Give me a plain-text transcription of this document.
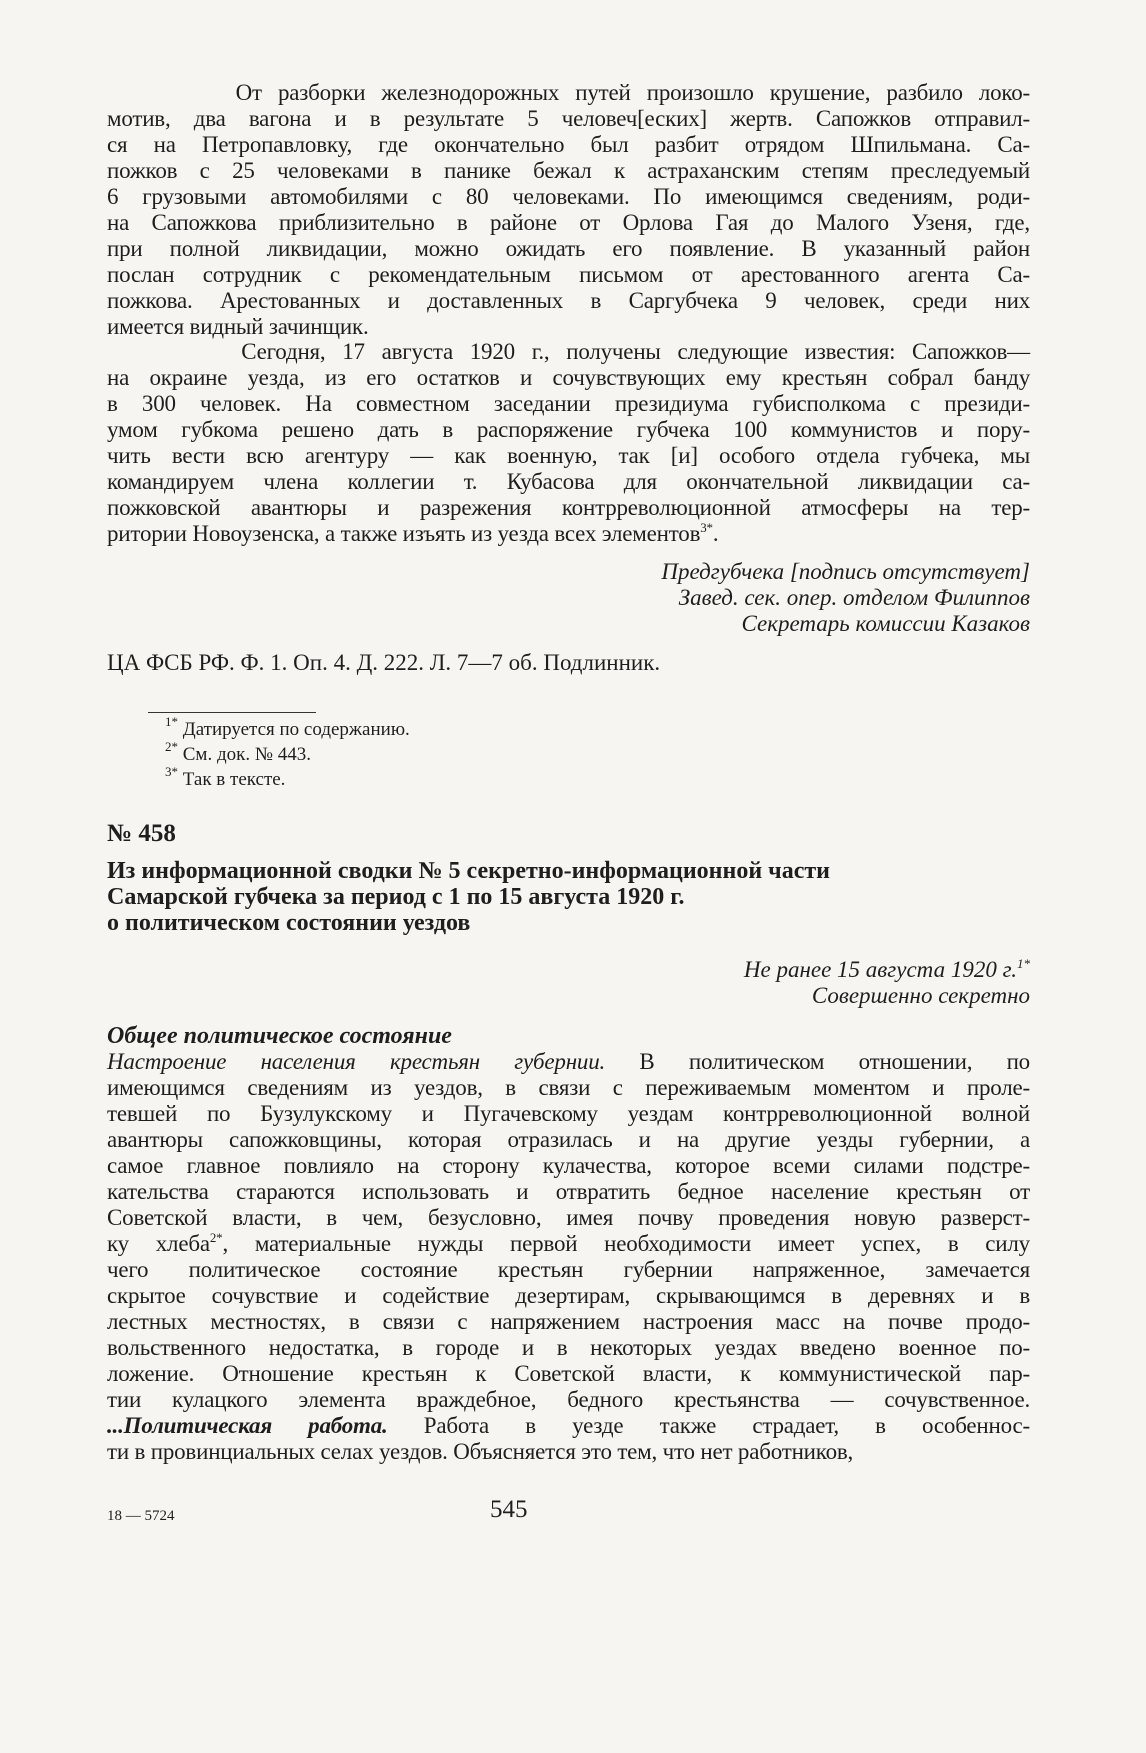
От разборки железнодорожных путей произошло крушение, разбило локо-
мотив, два вагона и в результате 5 человеч[еских] жертв. Сапожков отправил-
ся на Петропавловку, где окончательно был разбит отрядом Шпильмана. Са-
пожков с 25 человеками в панике бежал к астраханским степям преследуемый
6 грузовыми автомобилями с 80 человеками. По имеющимся сведениям, роди-
на Сапожкова приблизительно в районе от Орлова Гая до Малого Узеня, где,
при полной ликвидации, можно ожидать его появление. В указанный район
послан сотрудник с рекомендательным письмом от арестованного агента Са-
пожкова. Арестованных и доставленных в Саргубчека 9 человек, среди них
имеется видный зачинщик.
Сегодня, 17 августа 1920 г., получены следующие известия: Сапожков—
на окраине уезда, из его остатков и сочувствующих ему крестьян собрал банду
в 300 человек. На совместном заседании президиума губисполкома с президи-
умом губкома решено дать в распоряжение губчека 100 коммунистов и пору-
чить вести всю агентуру — как военную, так [и] особого отдела губчека, мы
командируем члена коллегии т. Кубасова для окончательной ликвидации са-
пожковской авантюры и разрежения контрреволюционной атмосферы на тер-
ритории Новоузенска, а также изъять из уезда всех элементов$^{3*}$.
Предгубчека [подпись отсутствует]
Завед. сек. опер. отделом Филиппов
Секретарь комиссии Казаков
ЦА ФСБ РФ. Ф. 1. Оп. 4. Д. 222. Л. 7—7 об. Подлинник.
$^{1*}$ Датируется по содержанию.
$^{2*}$ См. док. № 443.
$^{3*}$ Так в тексте.
№ 458
Из информационной сводки № 5 секретно-информационной части
Самарской губчека за период с 1 по 15 августа 1920 г.
о политическом состоянии уездов
Не ранее 15 августа 1920 г.$^{1*}$
Совершенно секретно
Общее политическое состояние
Настроение населения крестьян губернии. В политическом отношении, по
имеющимся сведениям из уездов, в связи с переживаемым моментом и проле-
тевшей по Бузулукскому и Пугачевскому уездам контрреволюционной волной
авантюры сапожковщины, которая отразилась и на другие уезды губернии, а
самое главное повлияло на сторону кулачества, которое всеми силами подстре-
кательства стараются использовать и отвратить бедное население крестьян от
Советской власти, в чем, безусловно, имея почву проведения новую разверст-
ку хлеба$^{2*}$, материальные нужды первой необходимости имеет успех, в силу
чего политическое состояние крестьян губернии напряженное, замечается
скрытое сочувствие и содействие дезертирам, скрывающимся в деревнях и в
лестных местностях, в связи с напряжением настроения масс на почве продо-
вольственного недостатка, в городе и в некоторых уездах введено военное по-
ложение. Отношение крестьян к Советской власти, к коммунистической пар-
тии кулацкого элемента враждебное, бедного крестьянства — сочувственное.
...Политическая работа. Работа в уезде также страдает, в особеннос-
ти в провинциальных селах уездов. Объясняется это тем, что нет работников,
18 — 5724	545
